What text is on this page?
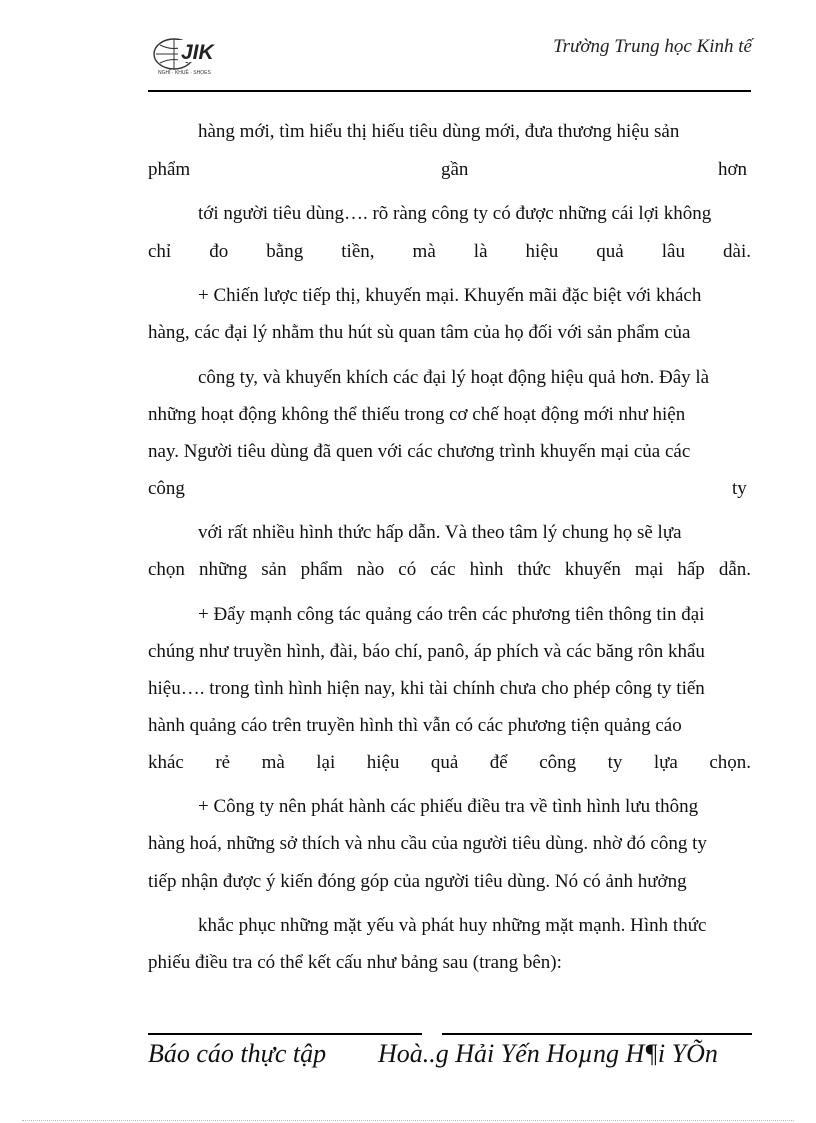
JIK
NGHĨ · KHUÊ · SHOES
Trường Trung học Kinh tế
hàng mới, tìm hiểu thị hiếu tiêu dùng mới, đưa thương hiệu sản
phẩm	gần	hơn
tới người tiêu dùng…. rõ ràng công ty có được những cái lợi không
chỉ đo bằng tiền, mà là hiệu quả lâu dài.
+ Chiến lược tiếp thị, khuyến mại. Khuyến mãi đặc biệt với khách
hàng, các đại lý nhằm thu hút sù quan tâm của họ đối với sản phẩm của
công ty, và khuyến khích các đại lý hoạt động hiệu quả hơn. Đây là
những hoạt động không thể thiếu trong cơ chế hoạt động mới như hiện
nay. Người tiêu dùng đã quen với các chương trình khuyến mại của các
công	ty
với rất nhiều hình thức hấp dẫn. Và theo tâm lý chung họ sẽ lựa
chọn những sản phẩm nào có các hình thức khuyến mại hấp dẫn.
+ Đẩy mạnh công tác quảng cáo trên các phương tiên thông tin đại
chúng như truyền hình, đài, báo chí, panô, áp phích và các băng rôn khẩu
hiệu…. trong tình hình hiện nay, khi tài chính chưa cho phép công ty tiến
hành quảng cáo trên truyền hình thì vẫn có các phương tiện quảng cáo
khác rẻ mà lại hiệu quả để công ty lựa chọn.
+ Công ty nên phát hành các phiếu điều tra về tình hình lưu thông
hàng hoá, những sở thích và nhu cầu của người tiêu dùng. nhờ đó công ty
tiếp nhận được ý kiến đóng góp của người tiêu dùng. Nó có ảnh hưởng
khắc phục những mặt yếu và phát huy những mặt mạnh. Hình thức
phiếu điều tra có thể kết cấu như bảng sau (trang bên):
Báo cáo thực tập Hoà..g Hải Yến Hoµng H¶i YÕn
